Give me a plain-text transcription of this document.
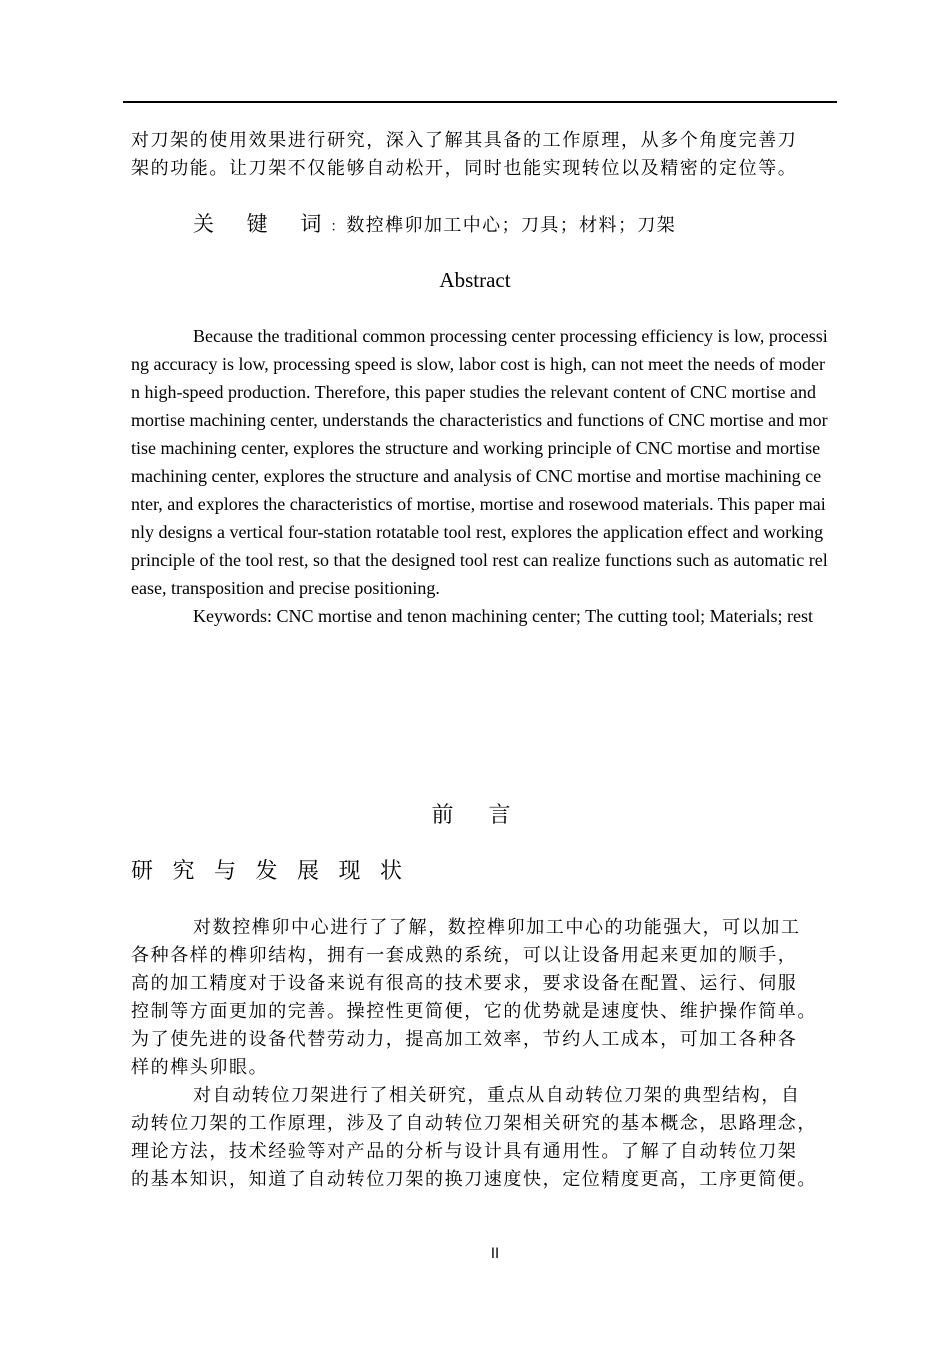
对刀架的使用效果进行研究，深入了解其具备的工作原理，从多个角度完善刀
架的功能。让刀架不仅能够自动松开，同时也能实现转位以及精密的定位等。
关 键 词： 数控榫卯加工中心；刀具；材料；刀架
Abstract
Because the traditional common processing center processing efficiency is low, processing accuracy is low, processing speed is slow, labor cost is high, can not meet the needs of modern high-speed production. Therefore, this paper studies the relevant content of CNC mortise and mortise machining center, understands the characteristics and functions of CNC mortise and mortise machining center, explores the structure and working principle of CNC mortise and mortise machining center, explores the structure and analysis of CNC mortise and mortise machining center, and explores the characteristics of mortise, mortise and rosewood materials. This paper mainly designs a vertical four-station rotatable tool rest, explores the application effect and working principle of the tool rest, so that the designed tool rest can realize functions such as automatic release, transposition and precise positioning.
Keywords: CNC mortise and tenon machining center; The cutting tool; Materials; rest
前  言
研 究 与 发 展 现 状
对数控榫卯中心进行了了解，数控榫卯加工中心的功能强大，可以加工
各种各样的榫卯结构，拥有一套成熟的系统，可以让设备用起来更加的顺手，
高的加工精度对于设备来说有很高的技术要求，要求设备在配置、运行、伺服
控制等方面更加的完善。操控性更简便，它的优势就是速度快、维护操作简单。
为了使先进的设备代替劳动力，提高加工效率，节约人工成本，可加工各种各
样的榫头卯眼。
对自动转位刀架进行了相关研究，重点从自动转位刀架的典型结构，自
动转位刀架的工作原理，涉及了自动转位刀架相关研究的基本概念，思路理念，
理论方法，技术经验等对产品的分析与设计具有通用性。了解了自动转位刀架
的基本知识，知道了自动转位刀架的换刀速度快，定位精度更高，工序更简便。
II
